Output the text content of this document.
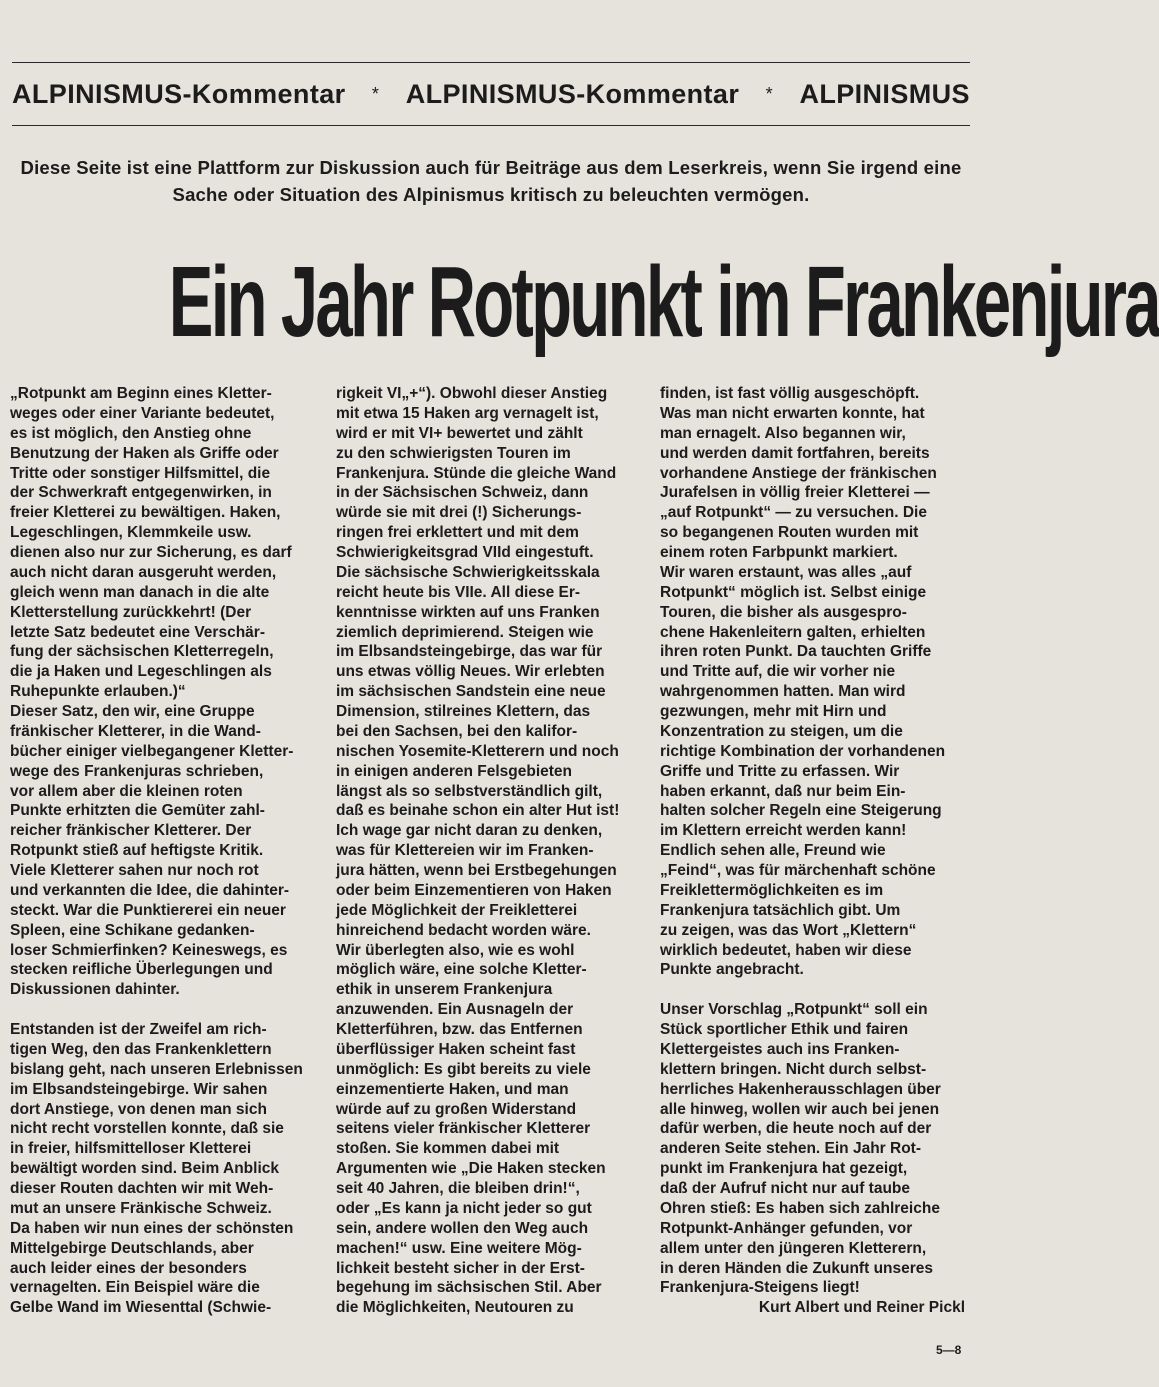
ALPINISMUS-Kommentar * ALPINISMUS-Kommentar * ALPINISMUS

Diese Seite ist eine Plattform zur Diskussion auch für Beiträge aus dem Leserkreis, wenn Sie irgend eine Sache oder Situation des Alpinismus kritisch zu beleuchten vermögen.

Ein Jahr Rotpunkt im Frankenjura
„Rotpunkt am Beginn eines Kletter-
weges oder einer Variante bedeutet,
es ist möglich, den Anstieg ohne
Benutzung der Haken als Griffe oder
Tritte oder sonstiger Hilfsmittel, die
der Schwerkraft entgegenwirken, in
freier Kletterei zu bewältigen. Haken,
Legeschlingen, Klemmkeile usw.
dienen also nur zur Sicherung, es darf
auch nicht daran ausgeruht werden,
gleich wenn man danach in die alte
Kletterstellung zurückkehrt! (Der
letzte Satz bedeutet eine Verschär-
fung der sächsischen Kletterregeln,
die ja Haken und Legeschlingen als
Ruhepunkte erlauben.)“
Dieser Satz, den wir, eine Gruppe
fränkischer Kletterer, in die Wand-
bücher einiger vielbegangener Kletter-
wege des Frankenjuras schrieben,
vor allem aber die kleinen roten
Punkte erhitzten die Gemüter zahl-
reicher fränkischer Kletterer. Der
Rotpunkt stieß auf heftigste Kritik.
Viele Kletterer sahen nur noch rot
und verkannten die Idee, die dahinter-
steckt. War die Punktiererei ein neuer
Spleen, eine Schikane gedanken-
loser Schmierfinken? Keineswegs, es
stecken reifliche Überlegungen und
Diskussionen dahinter.
Entstanden ist der Zweifel am rich-
tigen Weg, den das Frankenklettern
bislang geht, nach unseren Erlebnissen
im Elbsandsteingebirge. Wir sahen
dort Anstiege, von denen man sich
nicht recht vorstellen konnte, daß sie
in freier, hilfsmittelloser Kletterei
bewältigt worden sind. Beim Anblick
dieser Routen dachten wir mit Weh-
mut an unsere Fränkische Schweiz.
Da haben wir nun eines der schönsten
Mittelgebirge Deutschlands, aber
auch leider eines der besonders
vernagelten. Ein Beispiel wäre die
Gelbe Wand im Wiesenttal (Schwie-
rigkeit VI„+“). Obwohl dieser Anstieg
mit etwa 15 Haken arg vernagelt ist,
wird er mit VI+ bewertet und zählt
zu den schwierigsten Touren im
Frankenjura. Stünde die gleiche Wand
in der Sächsischen Schweiz, dann
würde sie mit drei (!) Sicherungs-
ringen frei erklettert und mit dem
Schwierigkeitsgrad VIId eingestuft.
Die sächsische Schwierigkeitsskala
reicht heute bis VIIe. All diese Er-
kenntnisse wirkten auf uns Franken
ziemlich deprimierend. Steigen wie
im Elbsandsteingebirge, das war für
uns etwas völlig Neues. Wir erlebten
im sächsischen Sandstein eine neue
Dimension, stilreines Klettern, das
bei den Sachsen, bei den kalifor-
nischen Yosemite-Kletterern und noch
in einigen anderen Felsgebieten
längst als so selbstverständlich gilt,
daß es beinahe schon ein alter Hut ist!
Ich wage gar nicht daran zu denken,
was für Klettereien wir im Franken-
jura hätten, wenn bei Erstbegehungen
oder beim Einzementieren von Haken
jede Möglichkeit der Freikletterei
hinreichend bedacht worden wäre.
Wir überlegten also, wie es wohl
möglich wäre, eine solche Kletter-
ethik in unserem Frankenjura
anzuwenden. Ein Ausnageln der
Kletterführen, bzw. das Entfernen
überflüssiger Haken scheint fast
unmöglich: Es gibt bereits zu viele
einzementierte Haken, und man
würde auf zu großen Widerstand
seitens vieler fränkischer Kletterer
stoßen. Sie kommen dabei mit
Argumenten wie „Die Haken stecken
seit 40 Jahren, die bleiben drin!“,
oder „Es kann ja nicht jeder so gut
sein, andere wollen den Weg auch
machen!“ usw. Eine weitere Mög-
lichkeit besteht sicher in der Erst-
begehung im sächsischen Stil. Aber
die Möglichkeiten, Neutouren zu
finden, ist fast völlig ausgeschöpft.
Was man nicht erwarten konnte, hat
man ernagelt. Also begannen wir,
und werden damit fortfahren, bereits
vorhandene Anstiege der fränkischen
Jurafelsen in völlig freier Kletterei —
„auf Rotpunkt“ — zu versuchen. Die
so begangenen Routen wurden mit
einem roten Farbpunkt markiert.
Wir waren erstaunt, was alles „auf
Rotpunkt“ möglich ist. Selbst einige
Touren, die bisher als ausgespro-
chene Hakenleitern galten, erhielten
ihren roten Punkt. Da tauchten Griffe
und Tritte auf, die wir vorher nie
wahrgenommen hatten. Man wird
gezwungen, mehr mit Hirn und
Konzentration zu steigen, um die
richtige Kombination der vorhandenen
Griffe und Tritte zu erfassen. Wir
haben erkannt, daß nur beim Ein-
halten solcher Regeln eine Steigerung
im Klettern erreicht werden kann!
Endlich sehen alle, Freund wie
„Feind“, was für märchenhaft schöne
Freiklettermöglichkeiten es im
Frankenjura tatsächlich gibt. Um
zu zeigen, was das Wort „Klettern“
wirklich bedeutet, haben wir diese
Punkte angebracht.
Unser Vorschlag „Rotpunkt“ soll ein
Stück sportlicher Ethik und fairen
Klettergeistes auch ins Franken-
klettern bringen. Nicht durch selbst-
herrliches Hakenherausschlagen über
alle hinweg, wollen wir auch bei jenen
dafür werben, die heute noch auf der
anderen Seite stehen. Ein Jahr Rot-
punkt im Frankenjura hat gezeigt,
daß der Aufruf nicht nur auf taube
Ohren stieß: Es haben sich zahlreiche
Rotpunkt-Anhänger gefunden, vor
allem unter den jüngeren Kletterern,
in deren Händen die Zukunft unseres
Frankenjura-Steigens liegt!
Kurt Albert und Reiner Pickl
5—8
